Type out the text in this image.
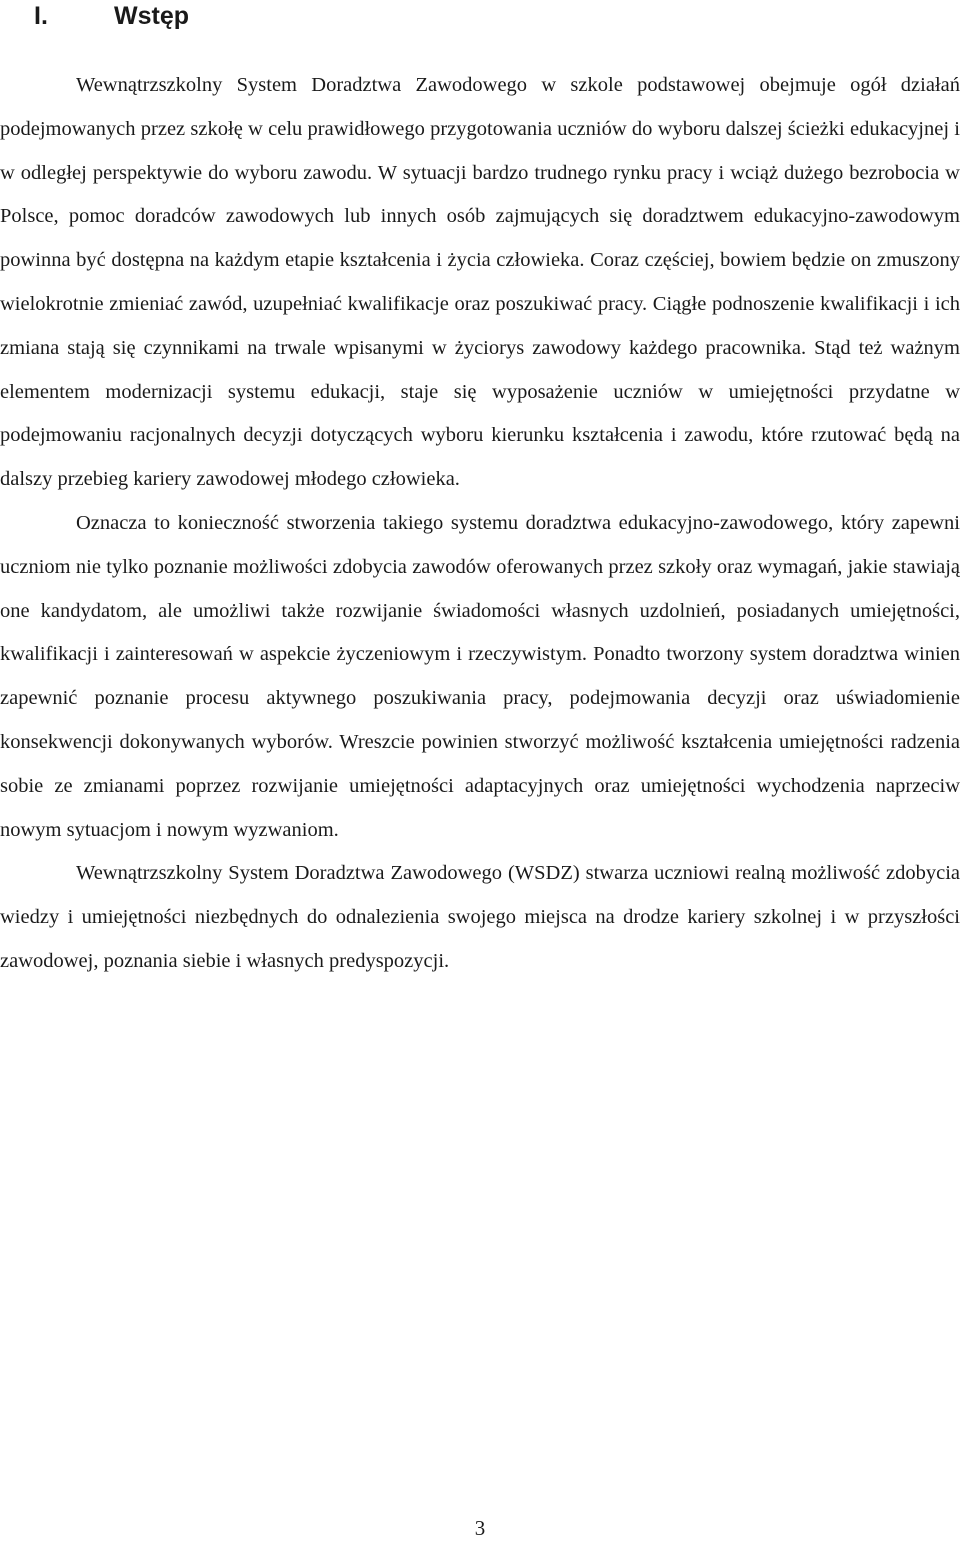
I.	Wstęp

Wewnątrzszkolny System Doradztwa Zawodowego w szkole podstawowej obejmuje ogół działań podejmowanych przez szkołę w celu prawidłowego przygotowania uczniów do wyboru dalszej ścieżki edukacyjnej i w odległej perspektywie do wyboru zawodu. W sytuacji bardzo trudnego rynku pracy i wciąż dużego bezrobocia w Polsce, pomoc doradców zawodowych lub innych osób zajmujących się doradztwem edukacyjno-zawodowym powinna być dostępna na każdym etapie kształcenia i życia człowieka. Coraz częściej, bowiem będzie on zmuszony wielokrotnie zmieniać zawód, uzupełniać kwalifikacje oraz poszukiwać pracy. Ciągłe podnoszenie kwalifikacji i ich zmiana stają się czynnikami na trwale wpisanymi w życiorys zawodowy każdego pracownika. Stąd też ważnym elementem modernizacji systemu edukacji, staje się wyposażenie uczniów w umiejętności przydatne w podejmowaniu racjonalnych decyzji dotyczących wyboru kierunku kształcenia i zawodu, które rzutować będą na dalszy przebieg kariery zawodowej młodego człowieka.

Oznacza to konieczność stworzenia takiego systemu doradztwa edukacyjno-zawodowego, który zapewni uczniom nie tylko poznanie możliwości zdobycia zawodów oferowanych przez szkoły oraz wymagań, jakie stawiają one kandydatom, ale umożliwi także rozwijanie świadomości własnych uzdolnień, posiadanych umiejętności, kwalifikacji i zainteresowań w aspekcie życzeniowym i rzeczywistym. Ponadto tworzony system doradztwa winien zapewnić poznanie procesu aktywnego poszukiwania pracy, podejmowania decyzji oraz uświadomienie konsekwencji dokonywanych wyborów. Wreszcie powinien stworzyć możliwość kształcenia umiejętności radzenia sobie ze zmianami poprzez rozwijanie umiejętności adaptacyjnych oraz umiejętności wychodzenia naprzeciw nowym sytuacjom i nowym wyzwaniom.

Wewnątrzszkolny System Doradztwa Zawodowego (WSDZ) stwarza uczniowi realną możliwość zdobycia wiedzy i umiejętności niezbędnych do odnalezienia swojego miejsca na drodze kariery szkolnej i w przyszłości zawodowej, poznania siebie i własnych predyspozycji.

3
